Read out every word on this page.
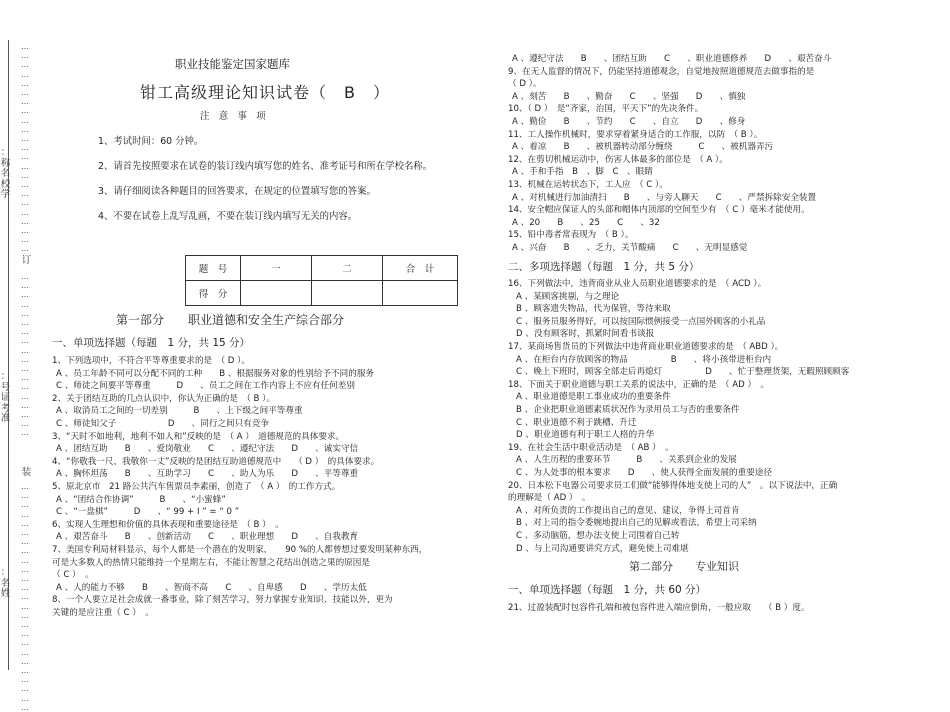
…
…
…
…
…
…
…
…
…
…
…
…
…
…
…
…
…
…
…
…
…
…
…
：称名校学
订
…
…
…
…
…
…
…
…
…
…
…
…
…
…
…
…
…
…
：号证考准
装
…
…
…
…
…
…
…
…
…
…
…
…
…
…
…
…
…
…
…
…
…
…
…
…
…
：名姓
职业技能鉴定国家题库
钳工高级理论知识试卷（　B　）
注　意　事　项
1、考试时间：60 分钟。
2、请首先按照要求在试卷的装订线内填写您的姓名、准考证号和所在学校名称。
3、请仔细阅读各种题目的回答要求，在规定的位置填写您的答案。
4、不要在试卷上乱写乱画，不要在装订线内填写无关的内容。
题　号	一	二	合　计
得　分			
第一部分　　职业道德和安全生产综合部分
一、单项选择题（每题　1 分，共 15 分）
1、下列选项中，不符合平等尊重要求的是　（ D ）。
A 、员工年龄不同可以分配不同的工种　　B 、根据服务对象的性别给予不同的服务
C 、师徒之间要平等尊重　　　D　　、员工之间在工作内容上不应有任何差别
2、关于团结互助的几点认识中，你认为正确的是　（ B ）。
A 、取消员工之间的一切差别　　　B　　、上下级之间平等尊重
C 、师徒知父子　　　　　　D　　、同行之间只有竞争
3、“天时不如地利，地利不如人和”反映的是　（ A ）　道德规范的具体要求。
A 、团结互助　　B　　、爱岗敬业　　C　　、遵纪守法　　D　　、诚实守信
4、“你敬我一尺，我敬你一丈”反映的是团结互助道德规范中　　（ D ）　的具体要求。
A 、胸怀坦荡　　B　　、互助学习　　C　　、助人为乐　　D　　、平等尊重
5、原北京市　21 路公共汽车售票员李素丽，创造了　（ A ）　的工作方式。
A 、“团结合作协调”　　　B　　、“小蜜蜂”
C 、“一盘棋”　　　D　　、“ 99 + I ” = “ 0 ”
6、实现人生理想和价值的具体表现和重要途径是　（ B ）　。
A 、艰苦奋斗　　B　　、创新活动　　C　　、职业理想　　D　　、自我教育
7、美国专利局材料显示，每个人都是一个潜在的发明家，　　90 %的人都曾想过要发明某种东西，
可是大多数人的热情只能维持一个星期左右，不能让智慧之花结出创造之果的原因是
（ C ）　。
A 、人的能力不够　　B　　、智商不高　　C　　、自卑感　　D　　、学历太低
8、一个人要立足社会成就一番事业，除了刻苦学习，努力掌握专业知识、技能以外，更为
关键的是应注重（ C ）　。
A 、遵纪守法　　B　　、团结互助　　C　　、职业道德修养　　D　　、艰苦奋斗
9、在无人监督的情况下，仍能坚持道德观念，自觉地按照道德规范去做事指的是
（ D ）。
A 、刻苦　　B　　、勤奋　　C　　、坚强　　D　　、慎独
10、（ D ）　是“齐家，治国，平天下”的先决条件。
A 、勤俭　　B　　、节约　　C　　、自立　　D　　、修身
11、工人操作机械时，要求穿着紧身适合的工作服，以防　（ B ）。
A 、着凉　　B　　、被机器转动部分缠绕　　　C　　、被机器弄污
12、在剪切机械运动中，伤害人体最多的部位是　（ A ）。
A 、手和手指　B　、脚　C　、眼睛
13、机械在运转状态下，工人应　（ C ）。
A 、对机械进行加油清扫　　B　　、与旁人聊天　　C　　、严禁拆除安全装置
14、安全帽应保证人的头部和帽体内顶部的空间至少有　（ C ）毫米才能使用。
A 、20　　B　　、25　　C　　、32
15、铅中毒者常表现为　（ B ）。
A 、兴奋　　B　　、乏力，关节酸痛　　C　　、无明显感觉
二、多项选择题（每题　1 分，共 5 分）
16、下列做法中，违背商业从业人员职业道德要求的是　（ ACD ）。
A 、某顾客挑剔，与之理论
B 、顾客遗失物品，代为保管，等待来取
C 、服务员服务得好，可以按国际惯例接受一点国外顾客的小礼品
D 、没有顾客时，抓紧时间看书谈报
17、某商场售货员的下列做法中违背商业职业道德要求的是　（ ABD ）。
A 、在柜台内存放顾客的物品　　　　　B　　、将小孩带进柜台内
C 、晚上下班时，顾客全部走后再熄灯　　　　　D　　、忙于整理货架，无暇照顾顾客
18、下面关于职业道德与职工关系的说法中，正确的是　（ AD ）　。
A 、职业道德是职工事业成功的重要条件
B 、企业把职业道德素质状况作为录用员工与否的重要条件
C 、职业道德不利于跳槽、升迁
D 、职业道德有利于职工人格的升华
19、在社会生活中职业活动是　（ AB ）　。
A 、人生历程的重要环节　　　B　　、关系到企业的发展
C 、为人处事的根本要求　　D　　、使人获得全面发展的重要途径
20、日本松下电器公司要求员工们做“能够得体地支使上司的人”　。以下说法中，正确
的理解是（ AD ）　。
A 、对所负责的工作提出自己的意见、建议，争得上司首肯
B 、对上司的指令委婉地提出自己的见解或看法，希望上司采纳
C 、多动脑筋，想办法支使上司围着自己转
D 、与上司沟通要讲究方式，避免使上司难堪
第二部分　　专业知识
一、单项选择题（每题　1 分，共 60 分）
21、过盈装配时包容件孔端和被包容件进入端应倒角，一般应取　　（ B ）度。
